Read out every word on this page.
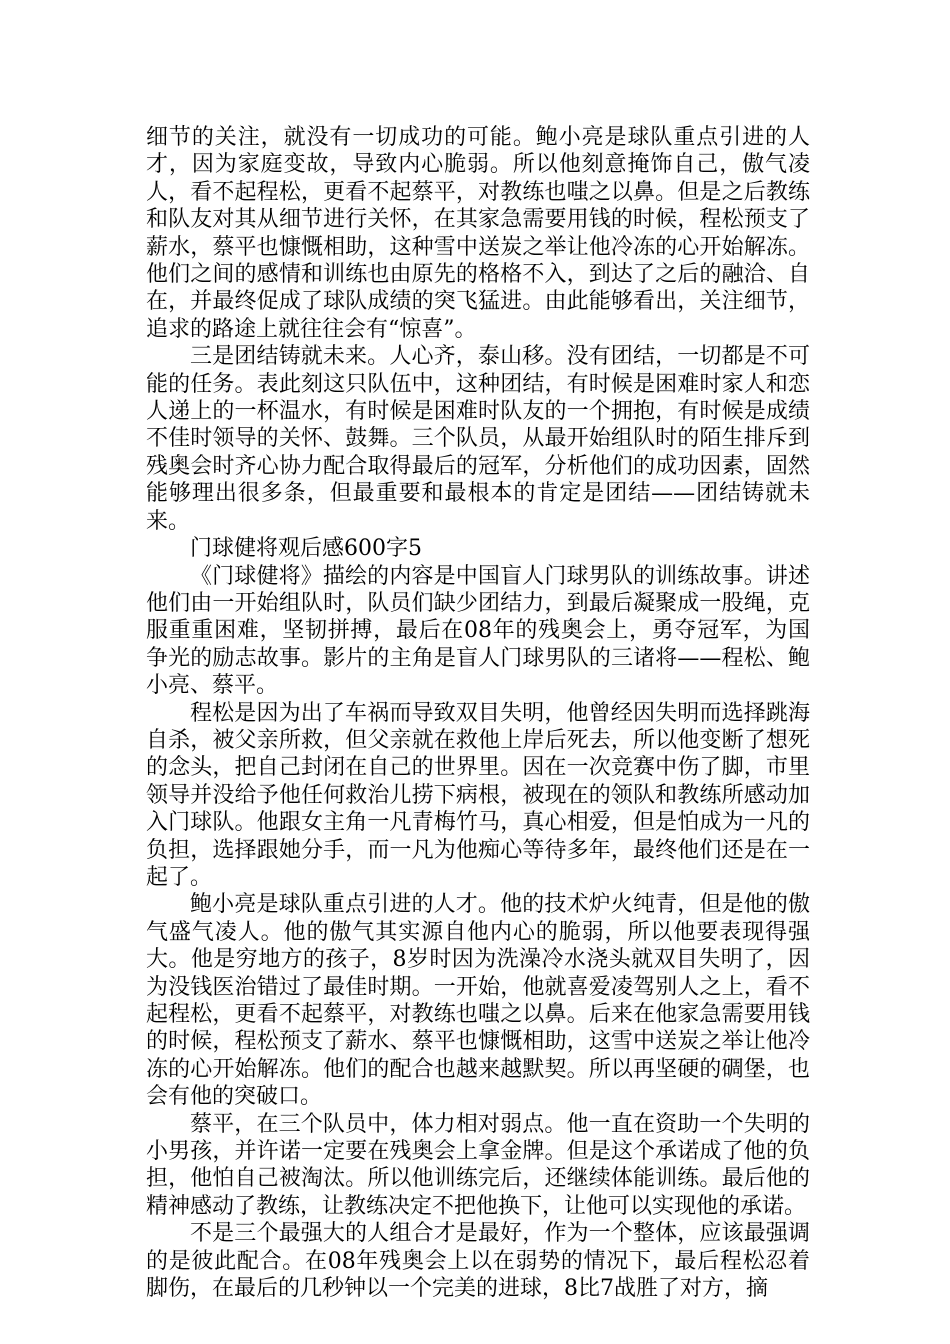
细节的关注，就没有一切成功的可能。鲍小亮是球队重点引进的人才，因为家庭变故，导致内心脆弱。所以他刻意掩饰自己，傲气凌人，看不起程松，更看不起蔡平，对教练也嗤之以鼻。但是之后教练和队友对其从细节进行关怀，在其家急需要用钱的时候，程松预支了薪水，蔡平也慷慨相助，这种雪中送炭之举让他冷冻的心开始解冻。他们之间的感情和训练也由原先的格格不入，到达了之后的融洽、自在，并最终促成了球队成绩的突飞猛进。由此能够看出，关注细节，追求的路途上就往往会有“惊喜”。

三是团结铸就未来。人心齐，泰山移。没有团结，一切都是不可能的任务。表此刻这只队伍中，这种团结，有时候是困难时家人和恋人递上的一杯温水，有时候是困难时队友的一个拥抱，有时候是成绩不佳时领导的关怀、鼓舞。三个队员，从最开始组队时的陌生排斥到残奥会时齐心协力配合取得最后的冠军，分析他们的成功因素，固然能够理出很多条，但最重要和最根本的肯定是团结——团结铸就未来。

门球健将观后感600字5

《门球健将》描绘的内容是中国盲人门球男队的训练故事。讲述他们由一开始组队时，队员们缺少团结力，到最后凝聚成一股绳，克服重重困难，坚韧拼搏，最后在08年的残奥会上，勇夺冠军，为国争光的励志故事。影片的主角是盲人门球男队的三诸将——程松、鲍小亮、蔡平。

程松是因为出了车祸而导致双目失明，他曾经因失明而选择跳海自杀，被父亲所救，但父亲就在救他上岸后死去，所以他变断了想死的念头，把自己封闭在自己的世界里。因在一次竞赛中伤了脚，市里领导并没给予他任何救治儿捞下病根，被现在的领队和教练所感动加入门球队。他跟女主角一凡青梅竹马，真心相爱，但是怕成为一凡的负担，选择跟她分手，而一凡为他痴心等待多年，最终他们还是在一起了。

鲍小亮是球队重点引进的人才。他的技术炉火纯青，但是他的傲气盛气凌人。他的傲气其实源自他内心的脆弱，所以他要表现得强大。他是穷地方的孩子，8岁时因为洗澡冷水浇头就双目失明了，因为没钱医治错过了最佳时期。一开始，他就喜爱凌驾别人之上，看不起程松，更看不起蔡平，对教练也嗤之以鼻。后来在他家急需要用钱的时候，程松预支了薪水、蔡平也慷慨相助，这雪中送炭之举让他冷冻的心开始解冻。他们的配合也越来越默契。所以再坚硬的碉堡，也会有他的突破口。

蔡平，在三个队员中，体力相对弱点。他一直在资助一个失明的小男孩，并许诺一定要在残奥会上拿金牌。但是这个承诺成了他的负担，他怕自己被淘汰。所以他训练完后，还继续体能训练。最后他的精神感动了教练，让教练决定不把他换下，让他可以实现他的承诺。

不是三个最强大的人组合才是最好，作为一个整体，应该最强调的是彼此配合。在08年残奥会上以在弱势的情况下，最后程松忍着脚伤，在最后的几秒钟以一个完美的进球，8比7战胜了对方，摘
